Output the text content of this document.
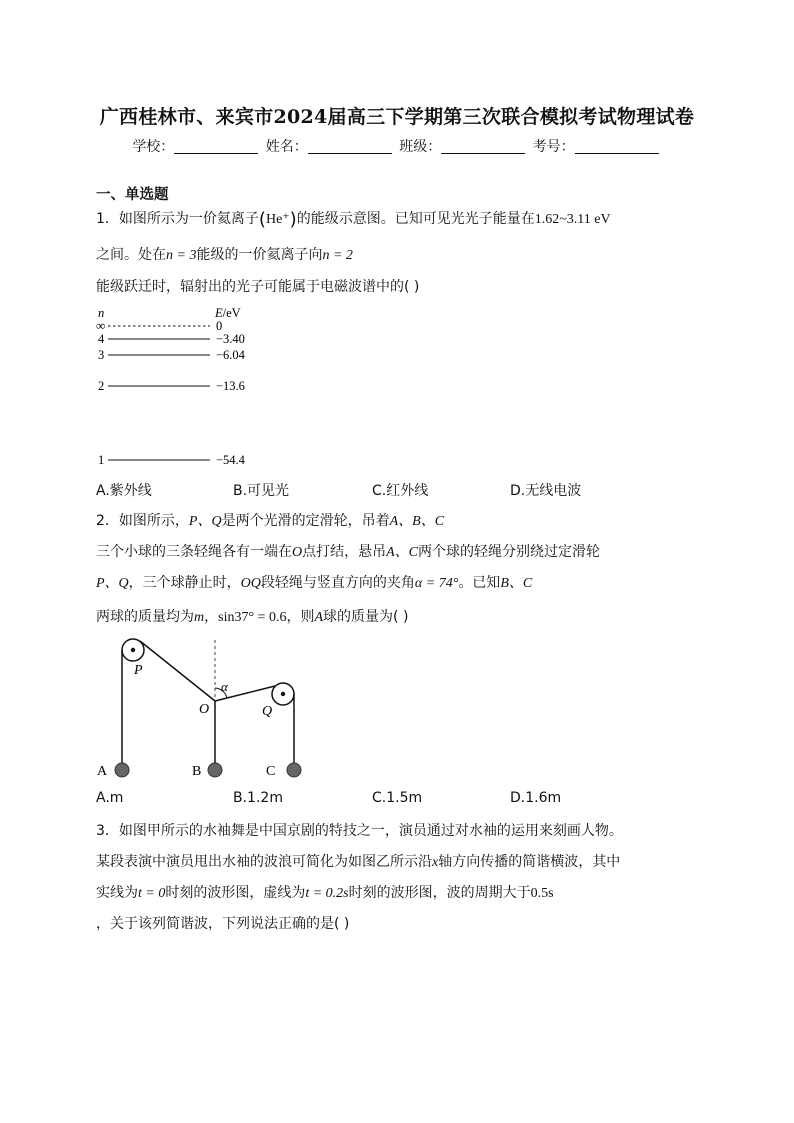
广西桂林市、来宾市2024届高三下学期第三次联合模拟考试物理试卷
学校：	姓名：	班级：	考号：
一、单选题
1．如图所示为一价氦离子(He⁺)的能级示意图。已知可见光光子能量在1.62~3.11 eV
之间。处在n = 3能级的一价氦离子向n = 2
能级跃迁时，辐射出的光子可能属于电磁波谱中的( )
n	E/eV
∞	0
4	−3.40
3	−6.04
2	−13.6
1	−54.4
A.紫外线	B.可见光	C.红外线	D.无线电波
2．如图所示，P、Q是两个光滑的定滑轮，吊着A、B、C
三个小球的三条轻绳各有一端在O点打结，悬吊A、C两个球的轻绳分别绕过定滑轮
P、Q，三个球静止时，OQ段轻绳与竖直方向的夹角α = 74°。已知B、C
两球的质量均为m，sin37° = 0.6，则A球的质量为( )
P
Q
O
α
A	B	C
A.m	B.1.2m	C.1.5m	D.1.6m
3．如图甲所示的水袖舞是中国京剧的特技之一，演员通过对水袖的运用来刻画人物。
某段表演中演员甩出水袖的波浪可简化为如图乙所示沿x轴方向传播的简谐横波，其中
实线为t = 0时刻的波形图，虚线为t = 0.2s时刻的波形图，波的周期大于0.5s
，关于该列简谐波，下列说法正确的是( )
